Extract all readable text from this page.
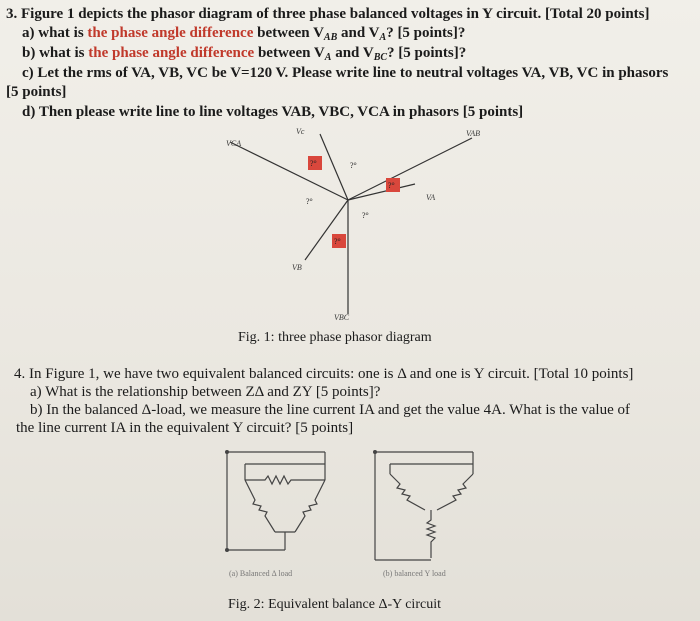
3. Figure 1 depicts the phasor diagram of three phase balanced voltages in Y circuit. [Total 20 points]
a) what is the phase angle difference between $V_{AB}$ and $V_A$? [5 points]?
b) what is the phase angle difference between $V_A$ and $V_{BC}$? [5 points]?
c) Let the rms of VA, VB, VC be V=120 V. Please write line to neutral voltages VA, VB, VC in phasors
[5 points]
d) Then please write line to line voltages VAB, VBC, VCA in phasors [5 points]
Vc	VAB
VCA
VA
VB
VBC
?°
?°
?°
?°
?°
?°
Fig. 1: three phase phasor diagram
4. In Figure 1, we have two equivalent balanced circuits: one is Δ and one is Y circuit. [Total 10 points]
a) What is the relationship between ZΔ and ZY [5 points]?
b) In the balanced Δ-load, we measure the line current IA and get the value 4A. What is the value of
the line current IA in the equivalent Y circuit? [5 points]
(a) Balanced Δ load	(b) balanced Y load
Fig. 2: Equivalent balance Δ-Y circuit
